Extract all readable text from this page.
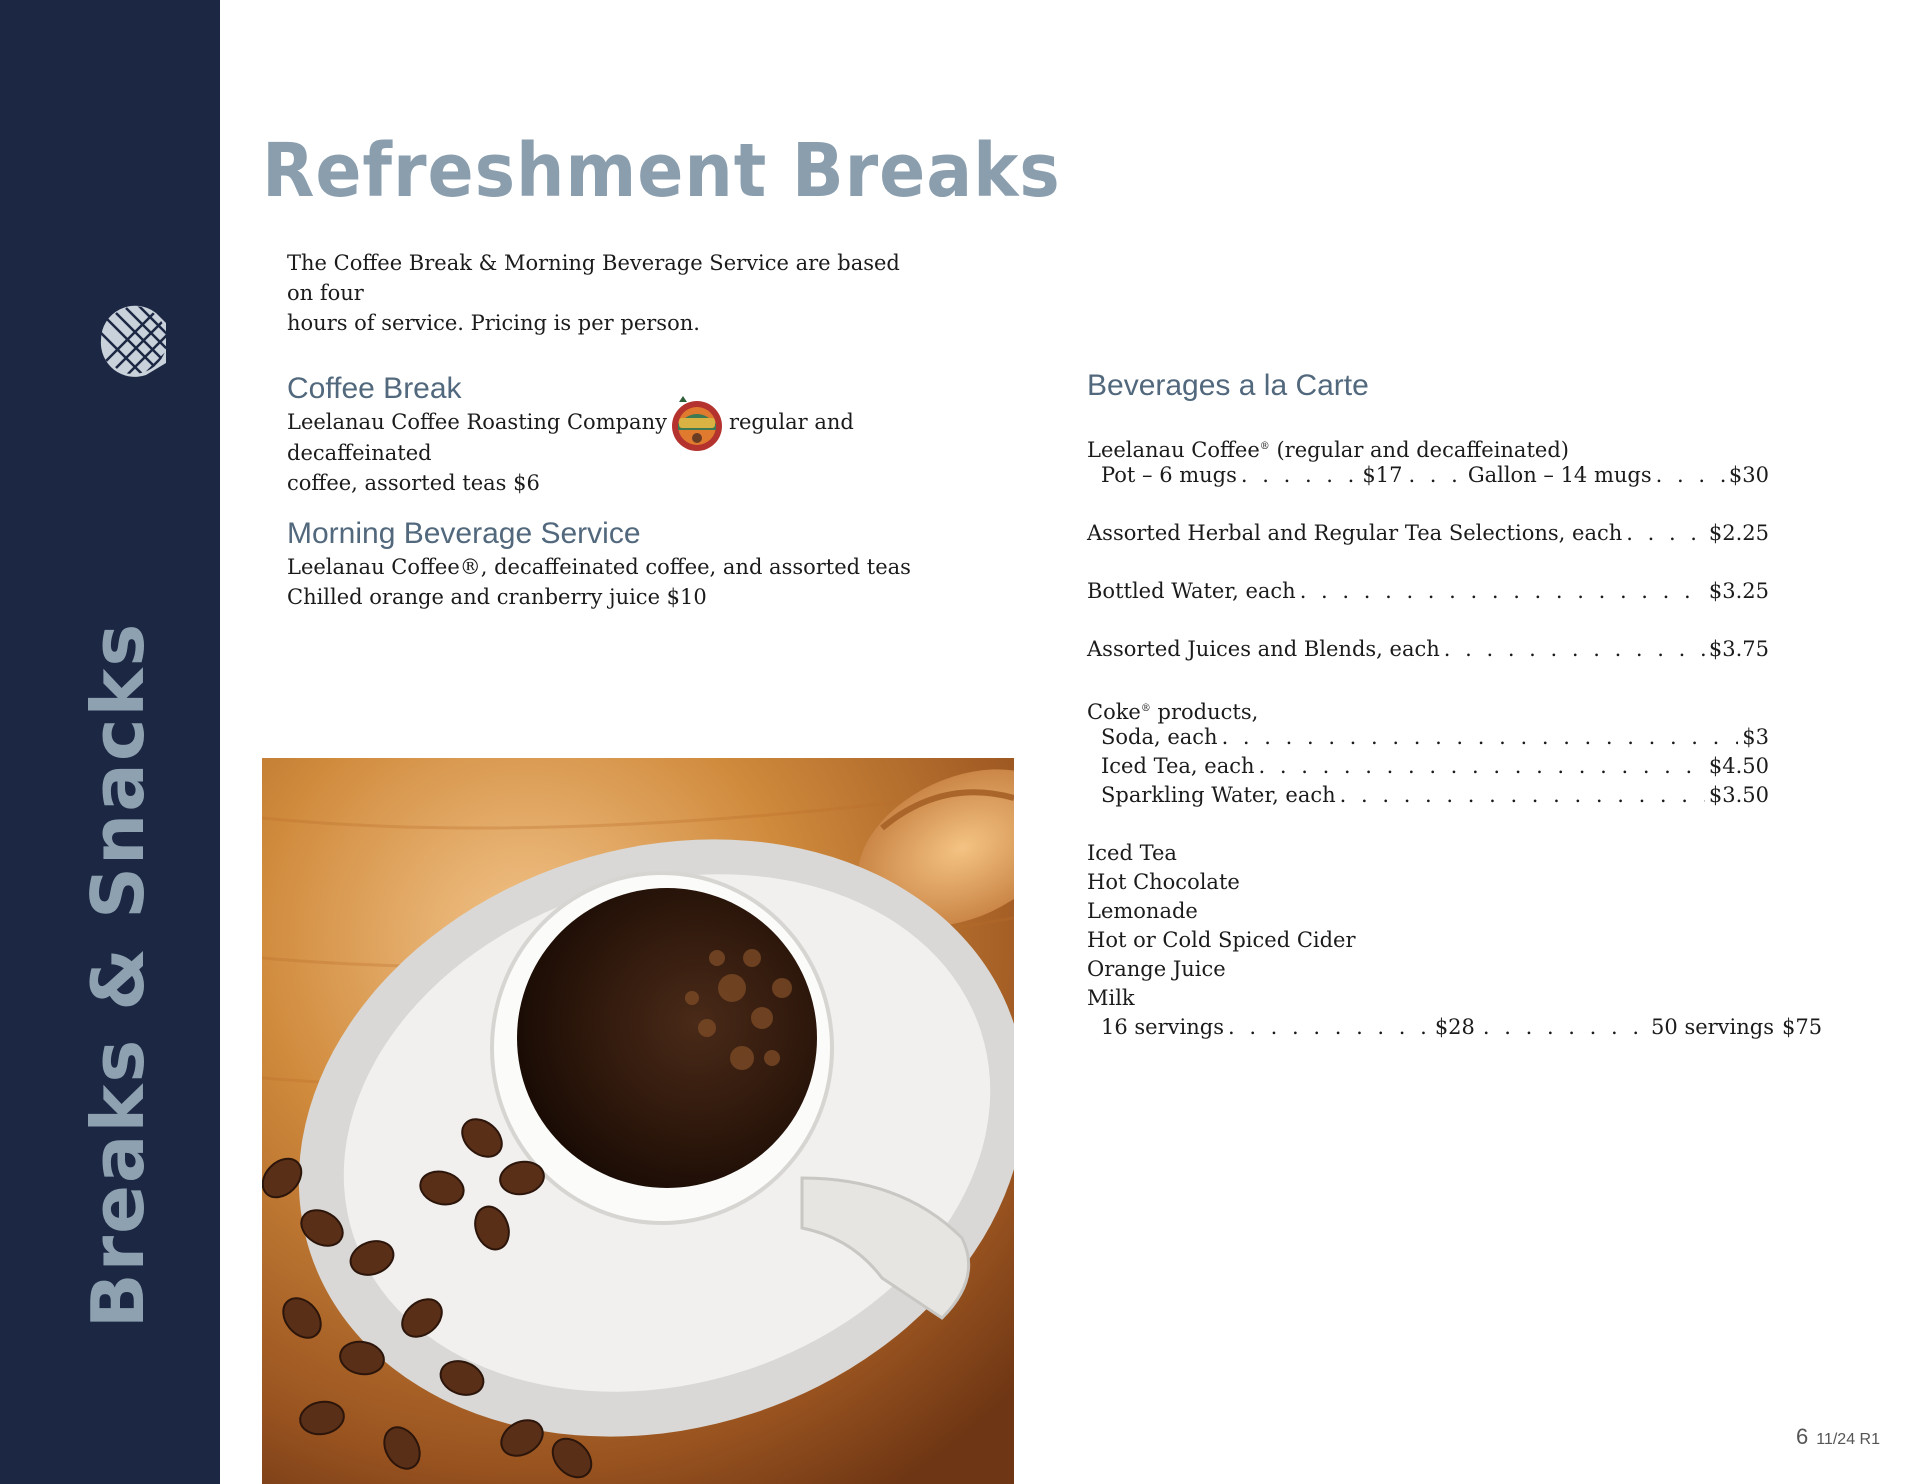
Breaks & Snacks
Refreshment Breaks
The Coffee Break & Morning Beverage Service are based on four
hours of service. Pricing is per person.
Coffee Break
Leelanau Coffee Roasting Company	regular and decaffeinated
coffee, assorted teas $6
Morning Beverage Service
Leelanau Coffee®, decaffeinated coffee, and assorted teas
Chilled orange and cranberry juice $10
Beverages a la Carte
Leelanau Coffee® (regular and decaffeinated)
Pot – 6 mugs . . . . . . $17 . . . Gallon – 14 mugs . . .	$30
Assorted Herbal and Regular Tea Selections, each . . .	$2.25
Bottled Water, each . . .	$3.25
Assorted Juices and Blends, each . . .	$3.75
Coke® products,
Soda, each . . .	$3
Iced Tea, each . . .	$4.50
Sparkling Water, each . . .	$3.50
Iced Tea
Hot Chocolate
Lemonade
Hot or Cold Spiced Cider
Orange Juice
Milk
16 servings . . . . . . . . . . $28 . . . . . . . . 50 servings $75
6 11/24 R1
